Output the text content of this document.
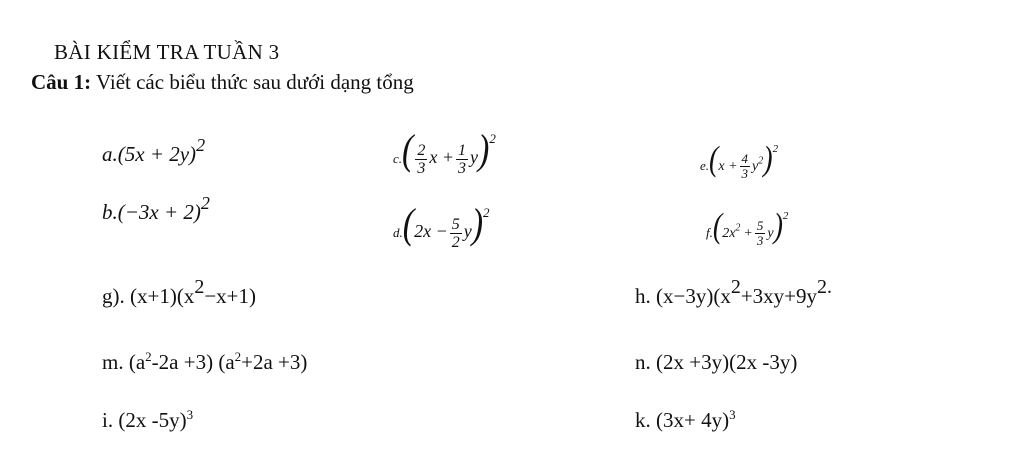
BÀI KIỂM TRA TUẦN 3
Câu 1: Viết các biểu thức sau dưới dạng tổng
a.(5x + 2y)2
b.(−3x + 2)2
$c.( \frac{2}{3}$ $x + \frac{1}{3} y)^2$
$d.(2x - \frac{5}{2} y)^2$
$e.(x + \frac{4}{3} y^2)^2$
$f.(2x^2 + \frac{5}{3} y)^2$
g). (x+1)(x2−x+1)	h. (x−3y)(x2+3xy+9y2.
m. $(a^2-2a +3)$ $(a^2+2a +3)$	n. (2x +3y)(2x -3y)
i. (2x -5y)$^3$	k. $(3x+ 4y)^3$
